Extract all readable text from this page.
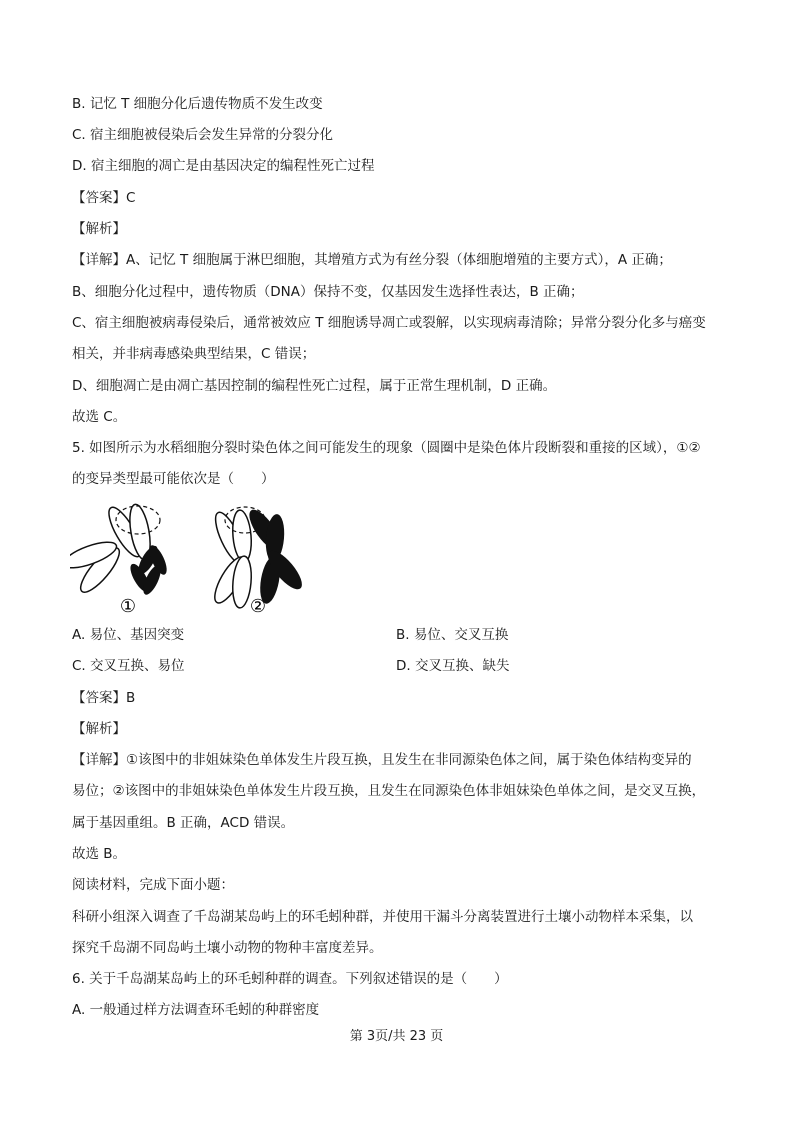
B. 记忆 T 细胞分化后遗传物质不发生改变
C. 宿主细胞被侵染后会发生异常的分裂分化
D. 宿主细胞的凋亡是由基因决定的编程性死亡过程
【答案】C
【解析】
【详解】A、记忆 T 细胞属于淋巴细胞，其增殖方式为有丝分裂（体细胞增殖的主要方式），A 正确；
B、细胞分化过程中，遗传物质（DNA）保持不变，仅基因发生选择性表达，B 正确；
C、宿主细胞被病毒侵染后，通常被效应 T 细胞诱导凋亡或裂解，以实现病毒清除；异常分裂分化多与癌变
相关，并非病毒感染典型结果，C 错误；
D、细胞凋亡是由凋亡基因控制的编程性死亡过程，属于正常生理机制，D 正确。
故选 C。
5. 如图所示为水稻细胞分裂时染色体之间可能发生的现象（圆圈中是染色体片段断裂和重接的区域），①②
的变异类型最可能依次是（　　）
①	②
A. 易位、基因突变	B. 易位、交叉互换
C. 交叉互换、易位	D. 交叉互换、缺失
【答案】B
【解析】
【详解】①该图中的非姐妹染色单体发生片段互换，且发生在非同源染色体之间，属于染色体结构变异的
易位；②该图中的非姐妹染色单体发生片段互换，且发生在同源染色体非姐妹染色单体之间，是交叉互换，
属于基因重组。B 正确，ACD 错误。
故选 B。
阅读材料，完成下面小题：
科研小组深入调查了千岛湖某岛屿上的环毛蚓种群，并使用干漏斗分离装置进行土壤小动物样本采集，以
探究千岛湖不同岛屿土壤小动物的物种丰富度差异。
6. 关于千岛湖某岛屿上的环毛蚓种群的调查。下列叙述错误的是（　　）
A. 一般通过样方法调查环毛蚓的种群密度
第 3页/共 23 页
